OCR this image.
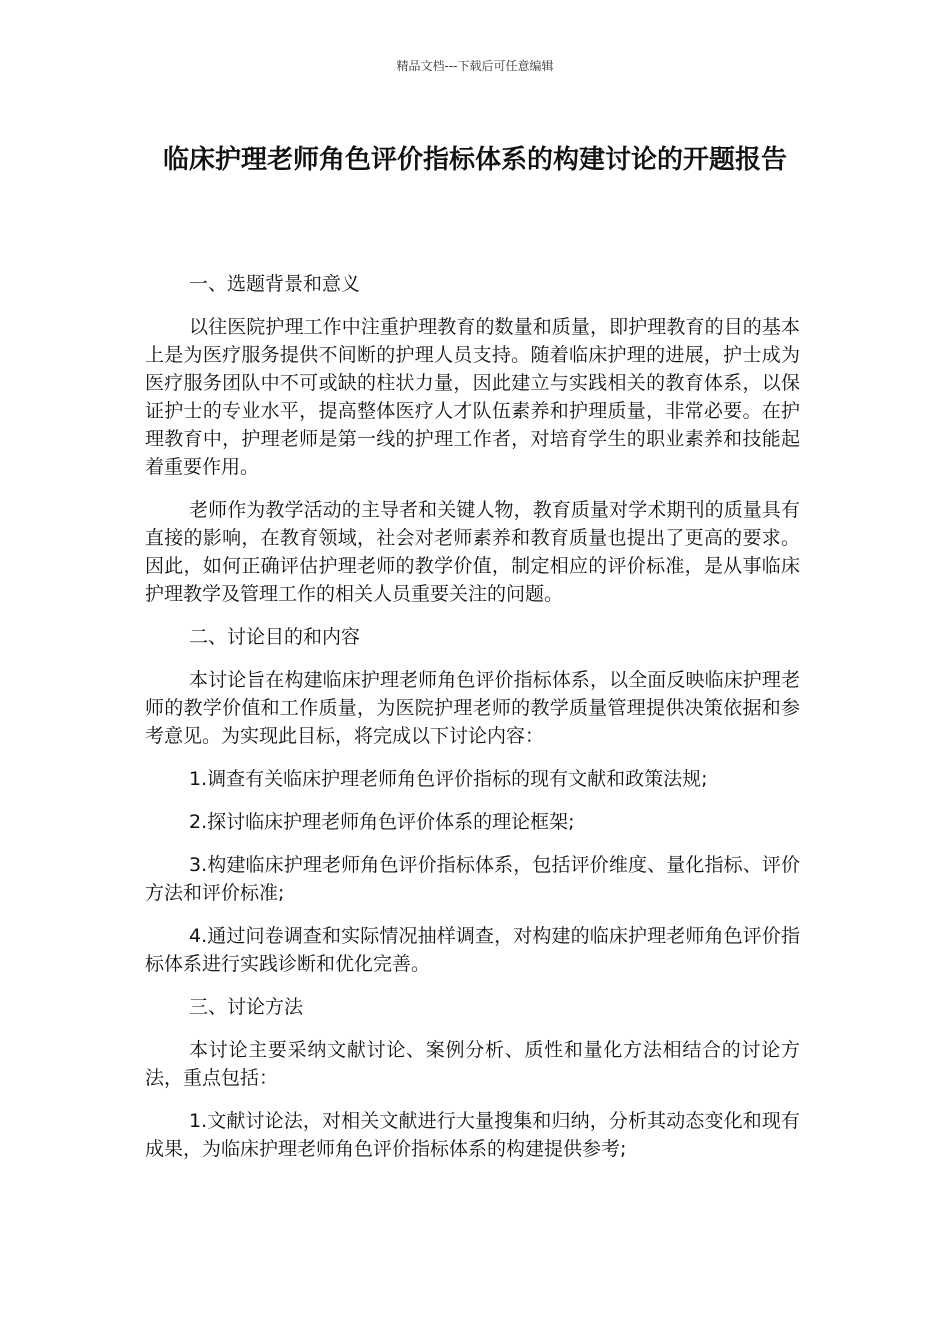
精品文档---下载后可任意编辑
临床护理老师角色评价指标体系的构建讨论的开题报告

一、选题背景和意义

以往医院护理工作中注重护理教育的数量和质量，即护理教育的目的基本上是为医疗服务提供不间断的护理人员支持。随着临床护理的进展，护士成为医疗服务团队中不可或缺的柱状力量，因此建立与实践相关的教育体系，以保证护士的专业水平，提高整体医疗人才队伍素养和护理质量，非常必要。在护理教育中，护理老师是第一线的护理工作者，对培育学生的职业素养和技能起着重要作用。

老师作为教学活动的主导者和关键人物，教育质量对学术期刊的质量具有直接的影响，在教育领域，社会对老师素养和教育质量也提出了更高的要求。因此，如何正确评估护理老师的教学价值，制定相应的评价标准，是从事临床护理教学及管理工作的相关人员重要关注的问题。

二、讨论目的和内容

本讨论旨在构建临床护理老师角色评价指标体系，以全面反映临床护理老师的教学价值和工作质量，为医院护理老师的教学质量管理提供决策依据和参考意见。为实现此目标，将完成以下讨论内容：

1.调查有关临床护理老师角色评价指标的现有文献和政策法规;

2.探讨临床护理老师角色评价体系的理论框架;

3.构建临床护理老师角色评价指标体系，包括评价维度、量化指标、评价方法和评价标准;

4.通过问卷调查和实际情况抽样调查，对构建的临床护理老师角色评价指标体系进行实践诊断和优化完善。

三、讨论方法

本讨论主要采纳文献讨论、案例分析、质性和量化方法相结合的讨论方法，重点包括：

1.文献讨论法，对相关文献进行大量搜集和归纳，分析其动态变化和现有成果，为临床护理老师角色评价指标体系的构建提供参考;
